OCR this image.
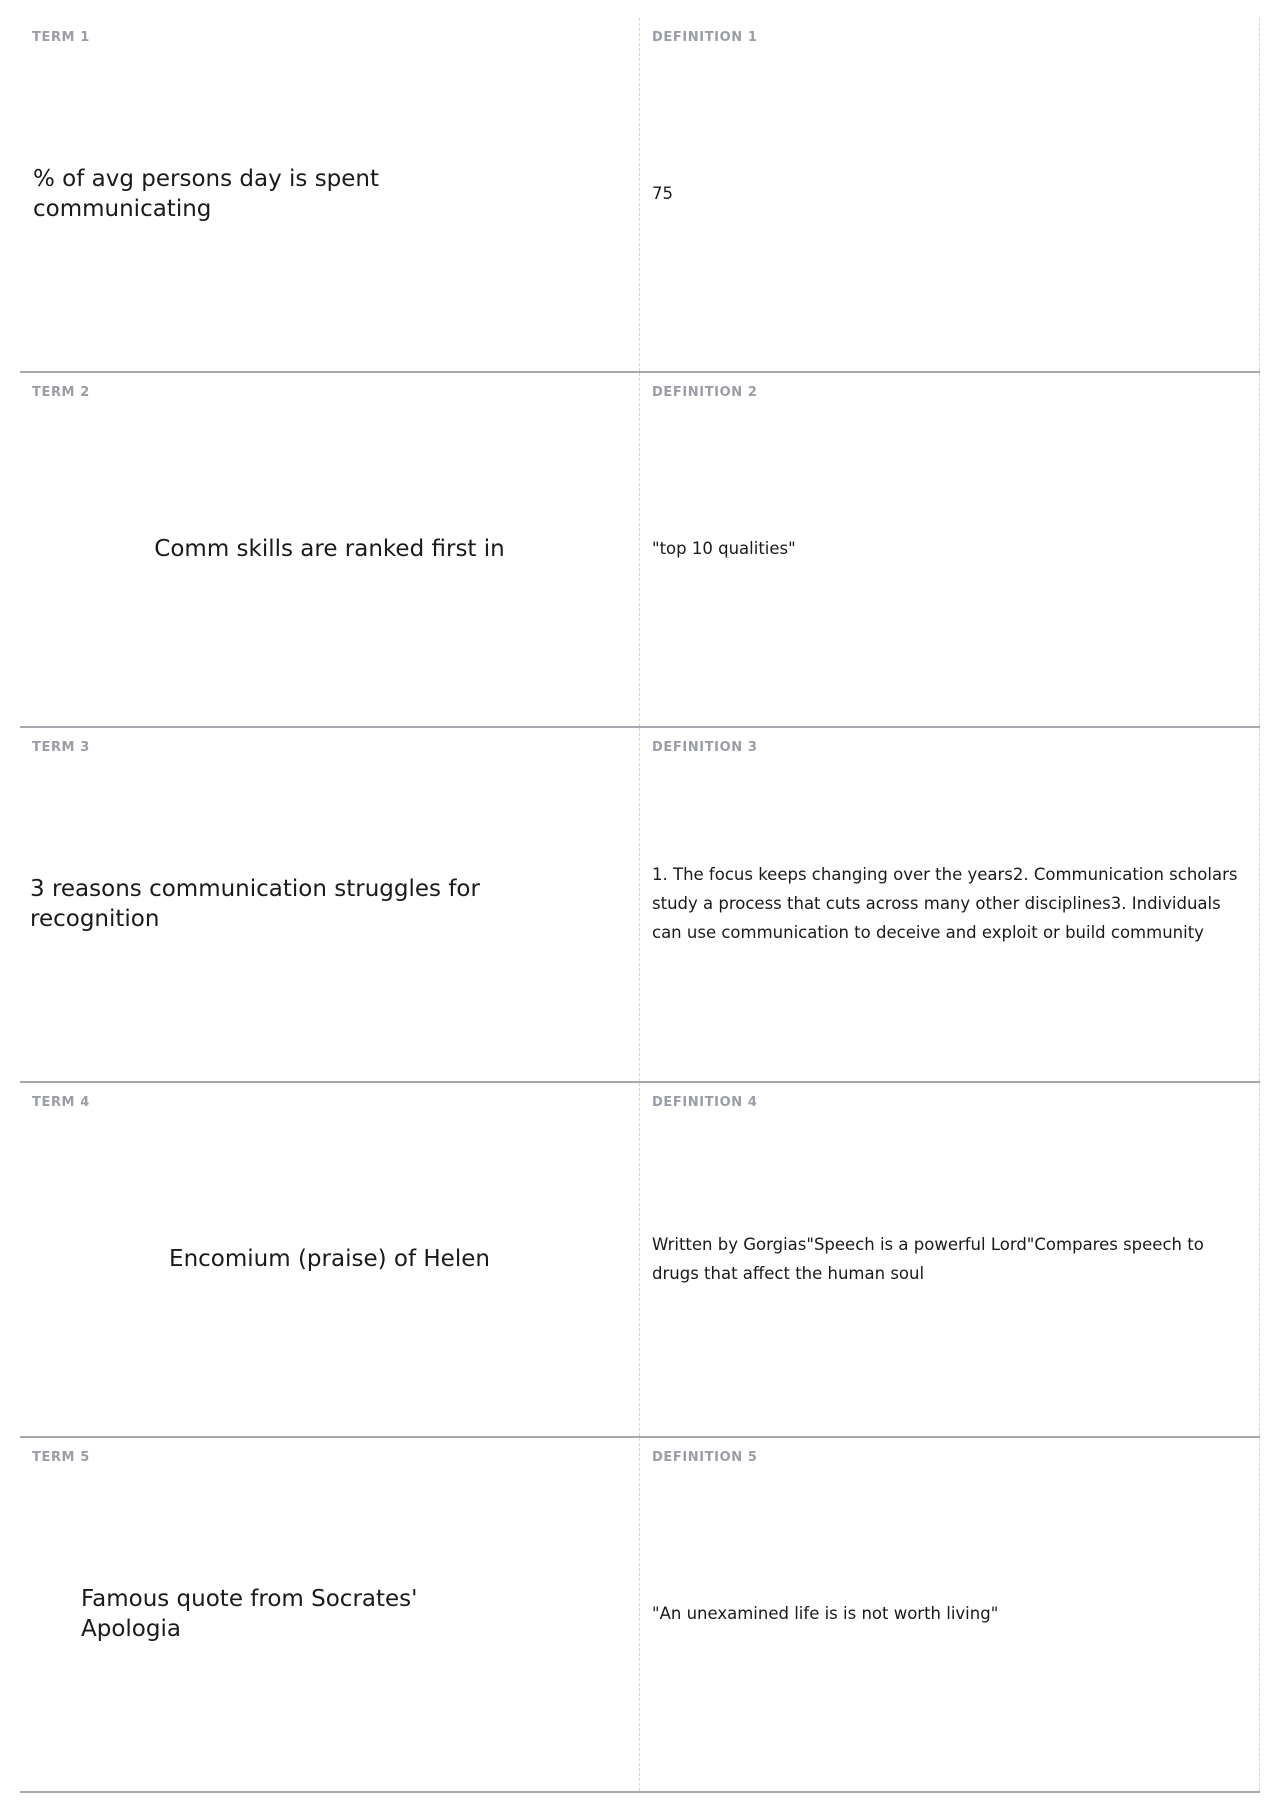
TERM 1
% of avg persons day is spent communicating
DEFINITION 1
75
TERM 2
Comm skills are ranked first in
DEFINITION 2
"top 10 qualities"
TERM 3
3 reasons communication struggles for recognition
DEFINITION 3
1. The focus keeps changing over the years2. Communication scholars study a process that cuts across many other disciplines3. Individuals can use communication to deceive and exploit or build community
TERM 4
Encomium (praise) of Helen
DEFINITION 4
Written by Gorgias"Speech is a powerful Lord"Compares speech to drugs that affect the human soul
TERM 5
Famous quote from Socrates' Apologia
DEFINITION 5
"An unexamined life is is not worth living"
